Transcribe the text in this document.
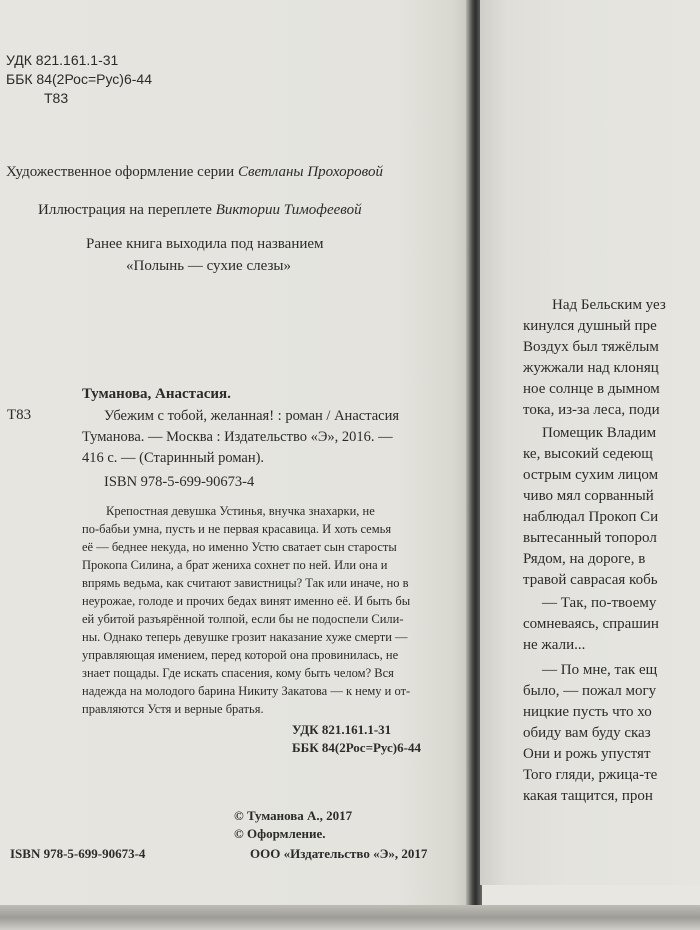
УДК 821.161.1-31
ББК 84(2Рос=Рус)6-44
Т83
Художественное оформление серии Светланы Прохоровой
Иллюстрация на переплете Виктории Тимофеевой
Ранее книга выходила под названием
«Полынь — сухие слезы»
Туманова, Анастасия.
Т83	Убежим с тобой, желанная! : роман / Анастасия
Туманова. — Москва : Издательство «Э», 2016. —
416 с. — (Старинный роман).
ISBN 978-5-699-90673-4
Крепостная девушка Устинья, внучка знахарки, не
по-бабьи умна, пусть и не первая красавица. И хоть семья
её — беднее некуда, но именно Устю сватает сын старосты
Прокопа Силина, а брат жениха сохнет по ней. Или она и
впрямь ведьма, как считают завистницы? Так или иначе, но в
неурожае, голоде и прочих бедах винят именно её. И быть бы
ей убитой разъярённой толпой, если бы не подоспели Сили-
ны. Однако теперь девушке грозит наказание хуже смерти —
управляющая имением, перед которой она провинилась, не
знает пощады. Где искать спасения, кому быть челом? Вся
надежда на молодого барина Никиту Закатова — к нему и от-
правляются Устя и верные братья.
УДК 821.161.1-31
ББК 84(2Рос=Рус)6-44
© Туманова А., 2017
© Оформление.
ООО «Издательство «Э», 2017
ISBN 978-5-699-90673-4
Над Бельским уез
кинулся душный пре
Воздух был тяжёлым
жужжали над клоняц
ное солнце в дымном
тока, из-за леса, поди
Помещик Владим
ке, высокий седеющ
острым сухим лицом
чиво мял сорванный
наблюдал Прокоп Си
вытесанный топорол
Рядом, на дороге, в
травой саврасая кобь
— Так, по-твоему
сомневаясь, спрашин
не жали...
— По мне, так ещ
было, — пожал могу
ницкие пусть что хо
обиду вам буду сказ
Они и рожь упустят
Того гляди, ржица-те
какая тащится, прон
